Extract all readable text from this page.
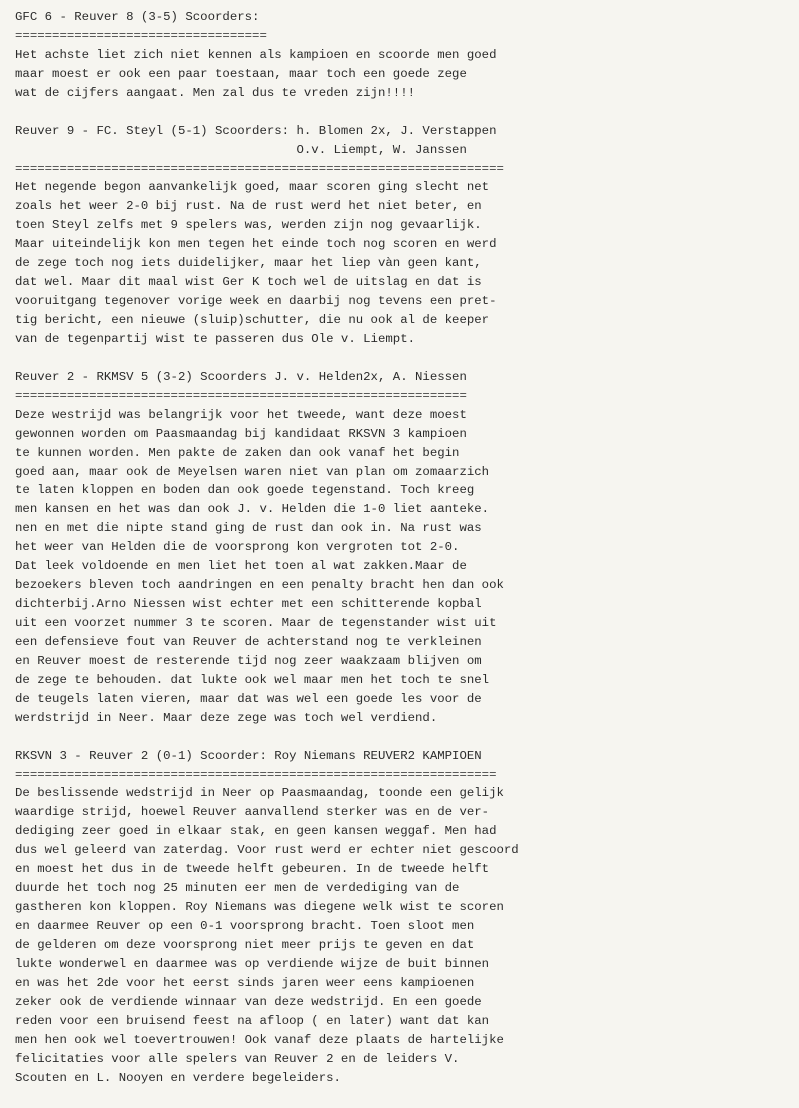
GFC 6 - Reuver 8 (3-5) Scoorders:
==================================
Het achste liet zich niet kennen als kampioen en scoorde men goed
maar moest er ook een paar toestaan, maar toch een goede zege
wat de cijfers aangaat. Men zal dus te vreden zijn!!!!
Reuver 9 - FC. Steyl (5-1) Scoorders: h. Blomen 2x, J. Verstappen
O.v. Liempt, W. Janssen
==================================================================
Het negende begon aanvankelijk goed, maar scoren ging slecht net
zoals het weer 2-0 bij rust. Na de rust werd het niet beter, en
toen Steyl zelfs met 9 spelers was, werden zijn nog gevaarlijk.
Maar uiteindelijk kon men tegen het einde toch nog scoren en werd
de zege toch nog iets duidelijker, maar het liep vàn geen kant,
dat wel. Maar dit maal wist Ger K toch wel de uitslag en dat is
vooruitgang tegenover vorige week en daarbij nog tevens een pret-
tig bericht, een nieuwe (sluip)schutter, die nu ook al de keeper
van de tegenpartij wist te passeren dus Ole v. Liempt.
Reuver 2 - RKMSV 5 (3-2) Scoorders J. v. Helden2x, A. Niessen
=============================================================
Deze westrijd was belangrijk voor het tweede, want deze moest
gewonnen worden om Paasmaandag bij kandidaat RKSVN 3 kampioen
te kunnen worden. Men pakte de zaken dan ook vanaf het begin
goed aan, maar ook de Meyelsen waren niet van plan om zomaarzich
te laten kloppen en boden dan ook goede tegenstand. Toch kreeg
men kansen en het was dan ook J. v. Helden die 1-0 liet aanteke.
nen en met die nipte stand ging de rust dan ook in. Na rust was
het weer van Helden die de voorsprong kon vergroten tot 2-0.
Dat leek voldoende en men liet het toen al wat zakken.Maar de
bezoekers bleven toch aandringen en een penalty bracht hen dan ook
dichterbij.Arno Niessen wist echter met een schitterende kopbal
uit een voorzet nummer 3 te scoren. Maar de tegenstander wist uit
een defensieve fout van Reuver de achterstand nog te verkleinen
en Reuver moest de resterende tijd nog zeer waakzaam blijven om
de zege te behouden. dat lukte ook wel maar men het toch te snel
de teugels laten vieren, maar dat was wel een goede les voor de
werdstrijd in Neer. Maar deze zege was toch wel verdiend.
RKSVN 3 - Reuver 2 (0-1) Scoorder: Roy Niemans REUVER2 KAMPIOEN
=================================================================
De beslissende wedstrijd in Neer op Paasmaandag, toonde een gelijk
waardige strijd, hoewel Reuver aanvallend sterker was en de ver-
dediging zeer goed in elkaar stak, en geen kansen weggaf. Men had
dus wel geleerd van zaterdag. Voor rust werd er echter niet gescoord
en moest het dus in de tweede helft gebeuren. In de tweede helft
duurde het toch nog 25 minuten eer men de verdediging van de
gastheren kon kloppen. Roy Niemans was diegene welk wist te scoren
en daarmee Reuver op een 0-1 voorsprong bracht. Toen sloot men
de gelderen om deze voorsprong niet meer prijs te geven en dat
lukte wonderwel en daarmee was op verdiende wijze de buit binnen
en was het 2de voor het eerst sinds jaren weer eens kampioenen
zeker ook de verdiende winnaar van deze wedstrijd. En een goede
reden voor een bruisend feest na afloop ( en later) want dat kan
men hen ook wel toevertrouwen! Ook vanaf deze plaats de hartelijke
felicitaties voor alle spelers van Reuver 2 en de leiders V.
Scouten en L. Nooyen en verdere begeleiders.
